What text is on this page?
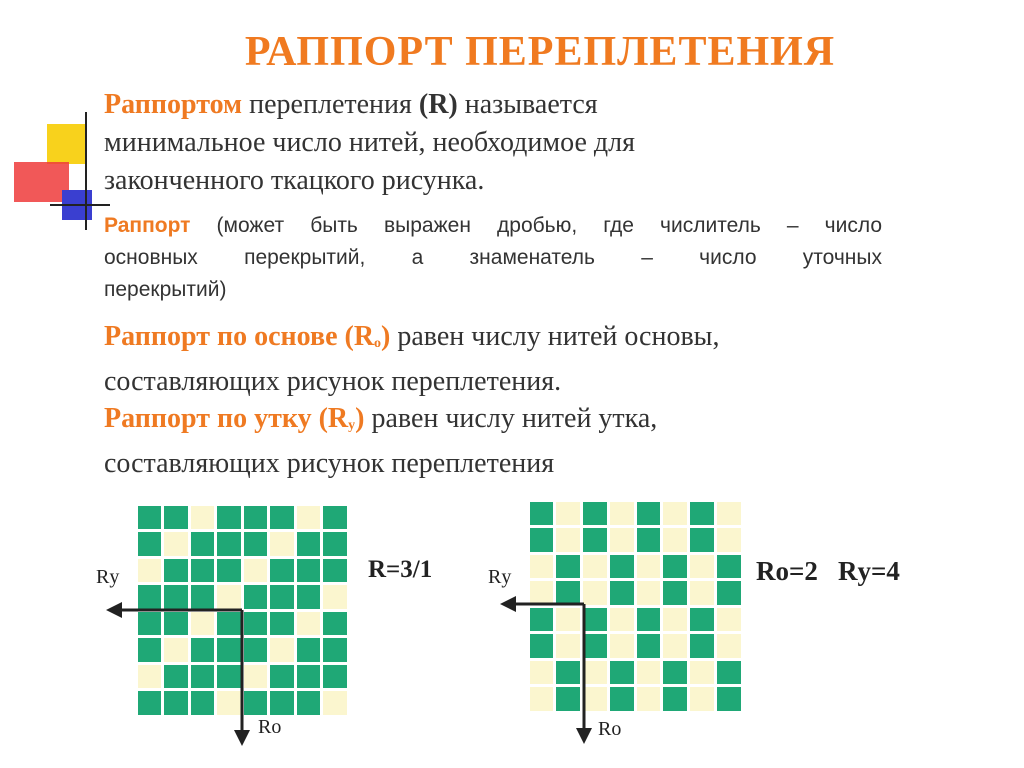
РАППОРТ ПЕРЕПЛЕТЕНИЯ
Раппортом переплетения (R) называется
минимальное число нитей, необходимое для
законченного ткацкого рисунка.
Раппорт (может быть выражен дробью, где числитель – число
основных перекрытий, а знаменатель – число уточных
перекрытий)
Раппорт по основе $(R_о)$ равен числу нитей основы,
составляющих рисунок переплетения.
Раппорт по утку $(R_у)$ равен числу нитей утка,
составляющих рисунок переплетения
Rу
Rо
R=3/1	Rу
Rо
Rо=2 Rу=4
